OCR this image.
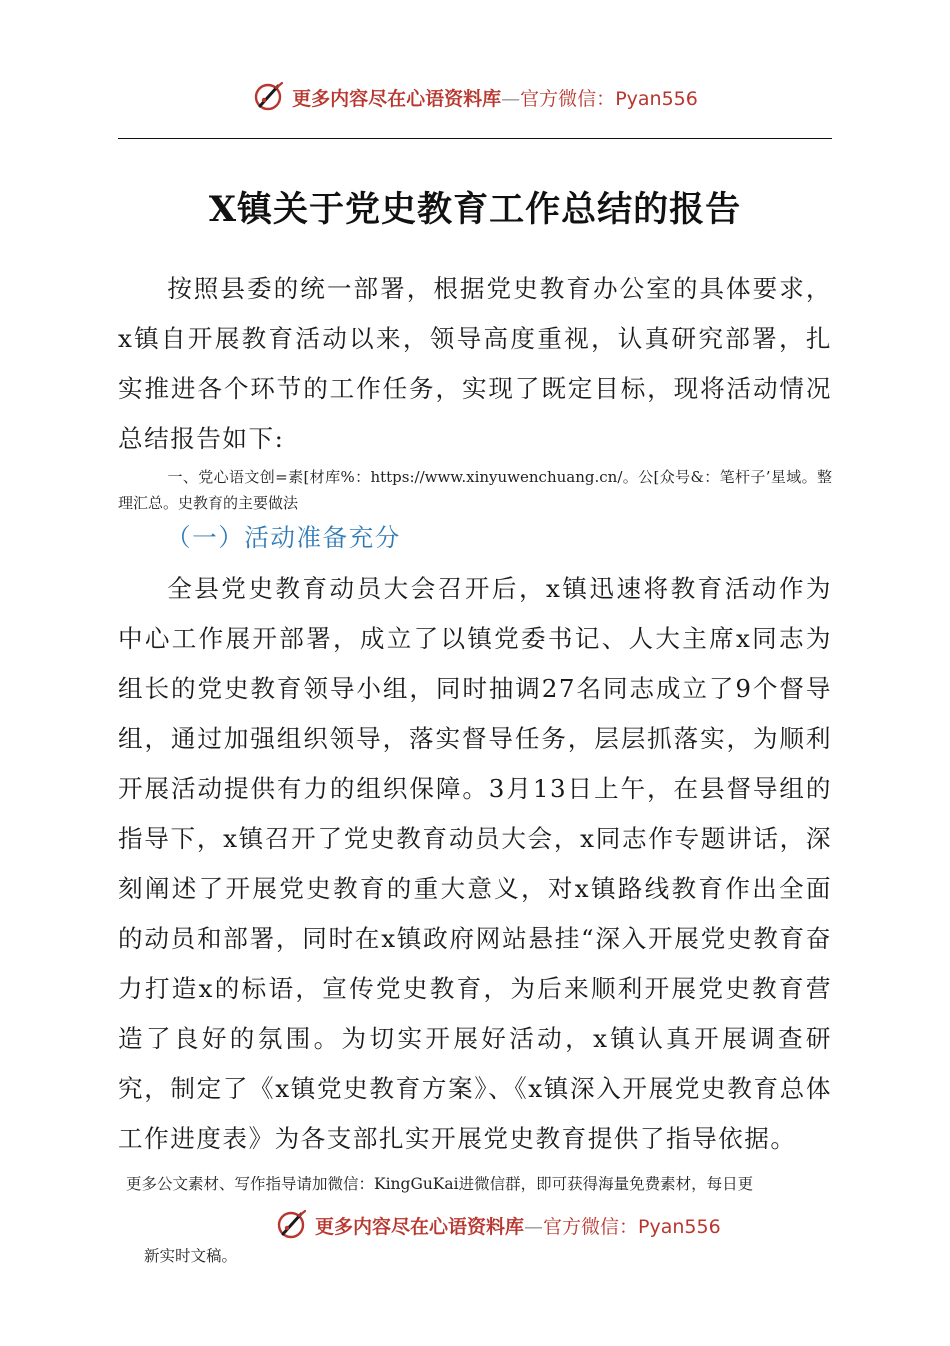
更多内容尽在心语资料库—官方微信：Pyan556
X镇关于党史教育工作总结的报告

按照县委的统一部署，根据党史教育办公室的具体要求，x镇自开展教育活动以来，领导高度重视，认真研究部署，扎实推进各个环节的工作任务，实现了既定目标，现将活动情况总结报告如下:

一、党心语文创=素[材库%：https://www.xinyuwenchuang.cn/。公[众号&：笔杆子’星域。整理汇总。史教育的主要做法

（一）活动准备充分

全县党史教育动员大会召开后，x镇迅速将教育活动作为中心工作展开部署，成立了以镇党委书记、人大主席x同志为组长的党史教育领导小组，同时抽调27名同志成立了9个督导组，通过加强组织领导，落实督导任务，层层抓落实，为顺利开展活动提供有力的组织保障。3月13日上午，在县督导组的指导下，x镇召开了党史教育动员大会，x同志作专题讲话，深刻阐述了开展党史教育的重大意义，对x镇路线教育作出全面的动员和部署，同时在x镇政府网站悬挂“深入开展党史教育奋力打造x的标语，宣传党史教育，为后来顺利开展党史教育营造了良好的氛围。为切实开展好活动，x镇认真开展调查研究，制定了《x镇党史教育方案》、《x镇深入开展党史教育总体工作进度表》为各支部扎实开展党史教育提供了指导依据。

更多公文素材、写作指导请加微信：KingGuKai进微信群，即可获得海量免费素材，每日更

更多内容尽在心语资料库—官方微信：Pyan556

新实时文稿。
